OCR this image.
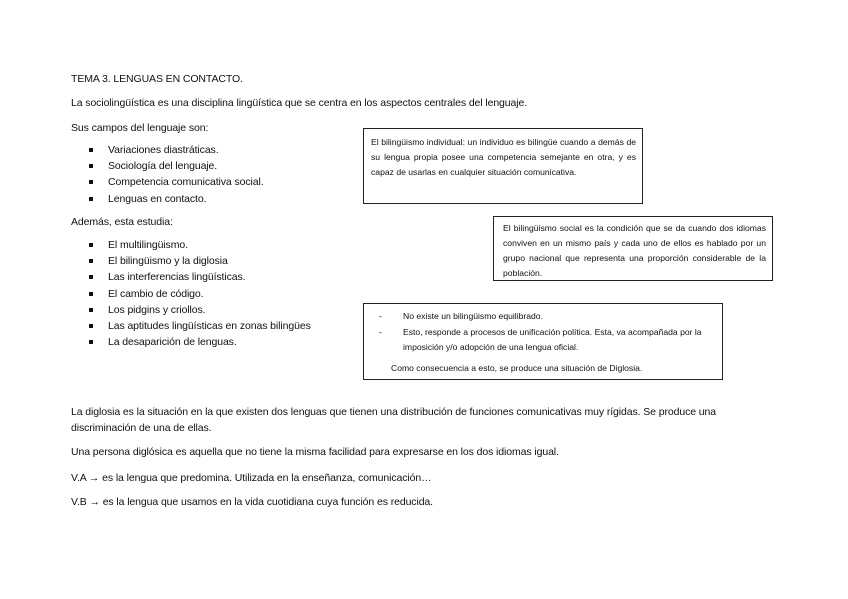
TEMA 3. LENGUAS EN CONTACTO.
La sociolingüística es una disciplina lingüística que se centra en los aspectos centrales del lenguaje.
Sus campos del lenguaje son:
Variaciones diastráticas.
Sociología del lenguaje.
Competencia comunicativa social.
Lenguas en contacto.
Además, esta estudia:
El multilingüismo.
El bilingüismo y la diglosia
Las interferencias lingüísticas.
El cambio de código.
Los pidgins y criollos.
Las aptitudes lingüísticas en zonas bilingües
La desaparición de lenguas.

El bilingüismo individual: un individuo es bilingüe cuando a demás de su lengua propia posee una competencia semejante en otra, y es capaz de usarlas en cualquier situación comunicativa.

El bilingüismo social es la condición que se da cuando dos idiomas conviven en un mismo país y cada uno de ellos es hablado por un grupo nacional que representa una proporción considerable de la población.

- No existe un bilingüismo equilibrado.
- Esto, responde a procesos de unificación política. Esta, va acompañada por la imposición y/o adopción de una lengua oficial.
Como consecuencia a esto, se produce una situación de Diglosia.
La diglosia es la situación en la que existen dos lenguas que tienen una distribución de funciones comunicativas muy rígidas. Se produce una discriminación de una de ellas.
Una persona diglósica es aquella que no tiene la misma facilidad para expresarse en los dos idiomas igual.
V.A → es la lengua que predomina. Utilizada en la enseñanza, comunicación…
V.B → es la lengua que usamos en la vida cuotidiana cuya función es reducida.
